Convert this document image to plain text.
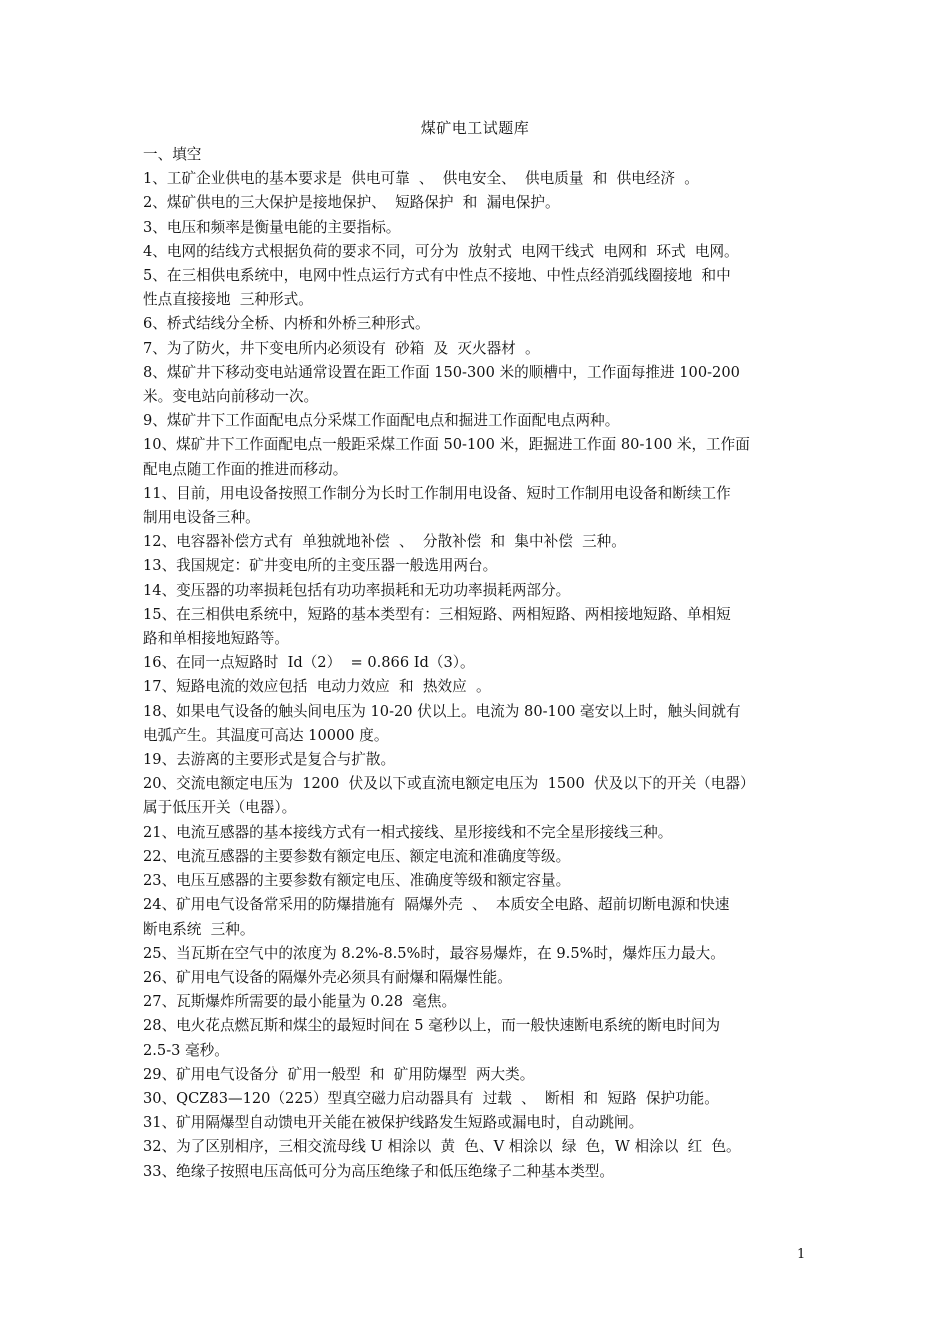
煤矿电工试题库
一、填空
1、工矿企业供电的基本要求是  供电可靠  、  供电安全、  供电质量  和  供电经济  。
2、煤矿供电的三大保护是接地保护、  短路保护  和  漏电保护。
3、电压和频率是衡量电能的主要指标。
4、电网的结线方式根据负荷的要求不同，可分为  放射式  电网干线式  电网和  环式  电网。
5、在三相供电系统中，电网中性点运行方式有中性点不接地、中性点经消弧线圈接地  和中
性点直接接地  三种形式。
6、桥式结线分全桥、内桥和外桥三种形式。
7、为了防火，井下变电所内必须设有  砂箱  及  灭火器材  。
8、煤矿井下移动变电站通常设置在距工作面 150-300 米的顺槽中，工作面每推进 100-200
米。变电站向前移动一次。
9、煤矿井下工作面配电点分采煤工作面配电点和掘进工作面配电点两种。
10、煤矿井下工作面配电点一般距采煤工作面 50-100 米，距掘进工作面 80-100 米，工作面
配电点随工作面的推进而移动。
11、目前，用电设备按照工作制分为长时工作制用电设备、短时工作制用电设备和断续工作
制用电设备三种。
12、电容器补偿方式有  单独就地补偿  、  分散补偿  和  集中补偿  三种。
13、我国规定：矿井变电所的主变压器一般选用两台。
14、变压器的功率损耗包括有功功率损耗和无功功率损耗两部分。
15、在三相供电系统中，短路的基本类型有：三相短路、两相短路、两相接地短路、单相短
路和单相接地短路等。
16、在同一点短路时  Id（2）  = 0.866 Id（3）。
17、短路电流的效应包括  电动力效应  和  热效应  。
18、如果电气设备的触头间电压为 10-20 伏以上。电流为 80-100 毫安以上时，触头间就有
电弧产生。其温度可高达 10000 度。
19、去游离的主要形式是复合与扩散。
20、交流电额定电压为  1200  伏及以下或直流电额定电压为  1500  伏及以下的开关（电器）
属于低压开关（电器）。
21、电流互感器的基本接线方式有一相式接线、星形接线和不完全星形接线三种。
22、电流互感器的主要参数有额定电压、额定电流和准确度等级。
23、电压互感器的主要参数有额定电压、准确度等级和额定容量。
24、矿用电气设备常采用的防爆措施有  隔爆外壳  、  本质安全电路、超前切断电源和快速
断电系统  三种。
25、当瓦斯在空气中的浓度为 8.2%-8.5%时，最容易爆炸，在 9.5%时，爆炸压力最大。
26、矿用电气设备的隔爆外壳必须具有耐爆和隔爆性能。
27、瓦斯爆炸所需要的最小能量为 0.28  毫焦。
28、电火花点燃瓦斯和煤尘的最短时间在 5 毫秒以上，而一般快速断电系统的断电时间为
2.5-3 毫秒。
29、矿用电气设备分  矿用一般型  和  矿用防爆型  两大类。
30、QCZ83—120（225）型真空磁力启动器具有  过载  、  断相  和  短路  保护功能。
31、矿用隔爆型自动馈电开关能在被保护线路发生短路或漏电时，自动跳闸。
32、为了区别相序，三相交流母线 U 相涂以  黄  色、V 相涂以  绿  色，W 相涂以  红  色。
33、绝缘子按照电压高低可分为高压绝缘子和低压绝缘子二种基本类型。
1
